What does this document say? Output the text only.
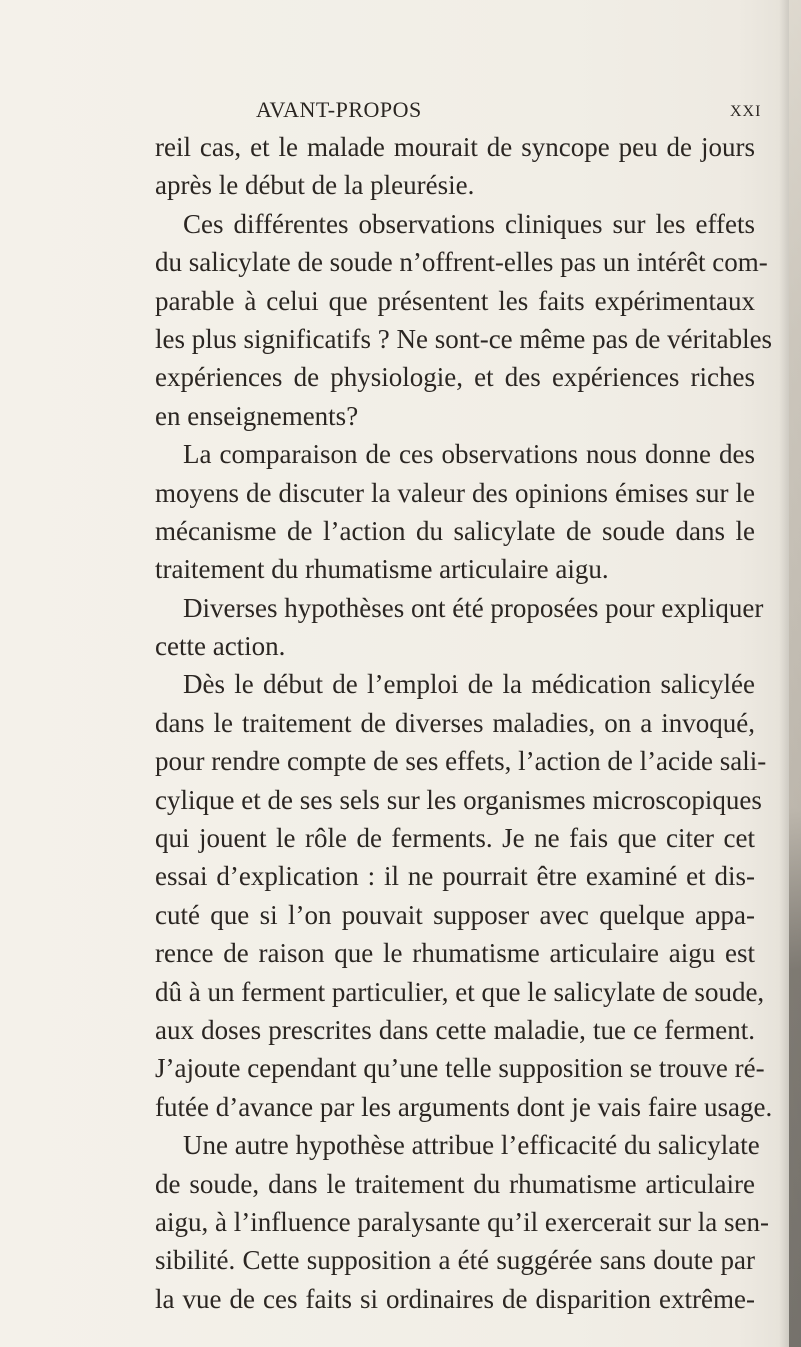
AVANT-PROPOS	XXI
reil cas, et le malade mourait de syncope peu de jours
après le début de la pleurésie.
Ces différentes observations cliniques sur les effets
du salicylate de soude n’offrent-elles pas un intérêt com-
parable à celui que présentent les faits expérimentaux
les plus significatifs ? Ne sont-ce même pas de véritables
expériences de physiologie, et des expériences riches
en enseignements?
La comparaison de ces observations nous donne des
moyens de discuter la valeur des opinions émises sur le
mécanisme de l’action du salicylate de soude dans le
traitement du rhumatisme articulaire aigu.
Diverses hypothèses ont été proposées pour expliquer
cette action.
Dès le début de l’emploi de la médication salicylée
dans le traitement de diverses maladies, on a invoqué,
pour rendre compte de ses effets, l’action de l’acide sali-
cylique et de ses sels sur les organismes microscopiques
qui jouent le rôle de ferments. Je ne fais que citer cet
essai d’explication : il ne pourrait être examiné et dis-
cuté que si l’on pouvait supposer avec quelque appa-
rence de raison que le rhumatisme articulaire aigu est
dû à un ferment particulier, et que le salicylate de soude,
aux doses prescrites dans cette maladie, tue ce ferment.
J’ajoute cependant qu’une telle supposition se trouve ré-
futée d’avance par les arguments dont je vais faire usage.
Une autre hypothèse attribue l’efficacité du salicylate
de soude, dans le traitement du rhumatisme articulaire
aigu, à l’influence paralysante qu’il exercerait sur la sen-
sibilité. Cette supposition a été suggérée sans doute par
la vue de ces faits si ordinaires de disparition extrême-
